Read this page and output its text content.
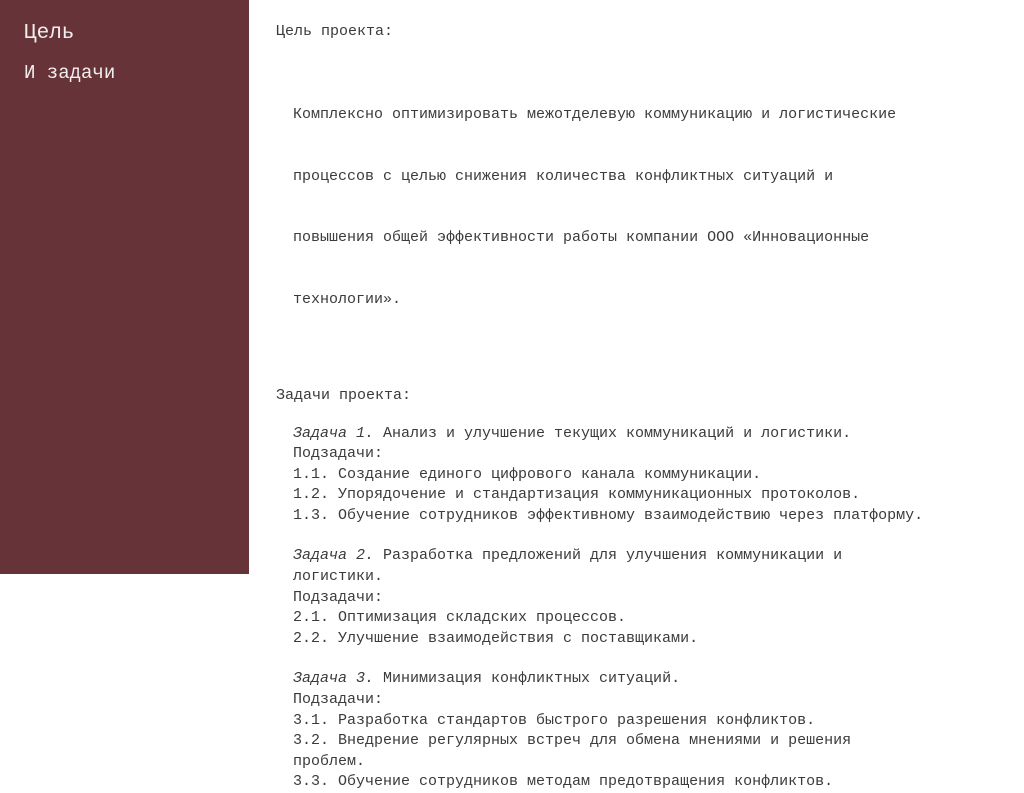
Цель
И задачи
Цель проекта:

Комплексно оптимизировать межотделевую коммуникацию и логистические

процессов с целью снижения количества конфликтных ситуаций и

повышения общей эффективности работы компании ООО «Инновационные

технологии».

Задачи проекта:
Задача 1. Анализ и улучшение текущих коммуникаций и логистики.
Подзадачи:
1.1. Создание единого цифрового канала коммуникации.
1.2. Упорядочение и стандартизация коммуникационных протоколов.
1.3. Обучение сотрудников эффективному взаимодействию через платформу.
Задача 2. Разработка предложений для улучшения коммуникации и
логистики.
Подзадачи:
2.1. Оптимизация складских процессов.
2.2. Улучшение взаимодействия с поставщиками.
Задача 3. Минимизация конфликтных ситуаций.
Подзадачи:
3.1. Разработка стандартов быстрого разрешения конфликтов.
3.2. Внедрение регулярных встреч для обмена мнениями и решения
проблем.
3.3. Обучение сотрудников методам предотвращения конфликтов.
